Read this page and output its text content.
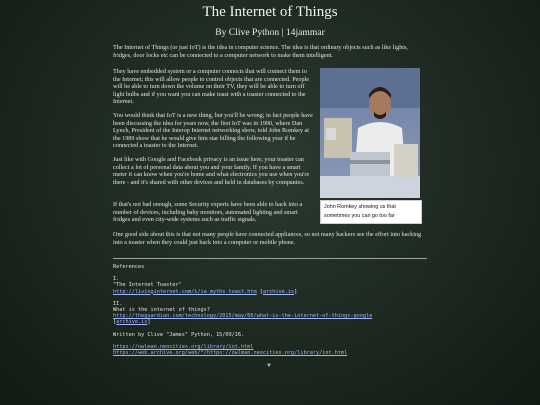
The Internet of Things
By Clive Python | 14jammar

The Internet of Things (or just IoT) is the idea in computer science. The idea is that ordinary objects such as like lights, fridges, door locks etc can be connected to a computer network to make them intelligent.

They have embedded system or a computer connects that will connect them to the Internet; this will allow people to control objects that are connected. People will be able to turn down the volume on their TV, they will be able to turn off light bulbs and if you want you can make toast with a toaster connected to the Internet.

You would think that IoT is a new thing, but you'll be wrong; in fact people have been discussing the idea for years now, the first IoT was in 1990, where Dan Lynch, President of the Interop Internet networking show, told John Romkey at the 1989 show that he would give him star billing the following year if he connected a toaster to the Internet.

Just like with Google and Facebook privacy is an issue here; your toaster can collect a lot of personal data about you and your family. If you have a smart meter it can know when you're home and what electronics you use when you're there - and it's shared with other devices and held in databases by companies.

If that's not bad enough, some Security experts have been able to hack into a number of devices, including baby monitors, automated lighting and smart fridges and even city-wide systems such as traffic signals.

One good side about this is that not many people have connected appliances, so not many hackers see the effort into hacking into a toaster when they could just hack into a computer or mobile phone.

John Romkey showing us that sometimes you can go too far
References
I.
"The Internet Toaster"
http://livinginternet.com/i/ia_myths_toast.htm [archive.is]
II.
What is the internet of things?
http://theguardian.com/technology/2015/may/06/what-is-the-internet-of-things-google
[archive.is]
Written by Clive "James" Python, 15/09/16.
https://owlman.neocities.org/library/iot.html
https://web.archive.org/web/*/https://owlman.neocities.org/library/iot.html
▼
